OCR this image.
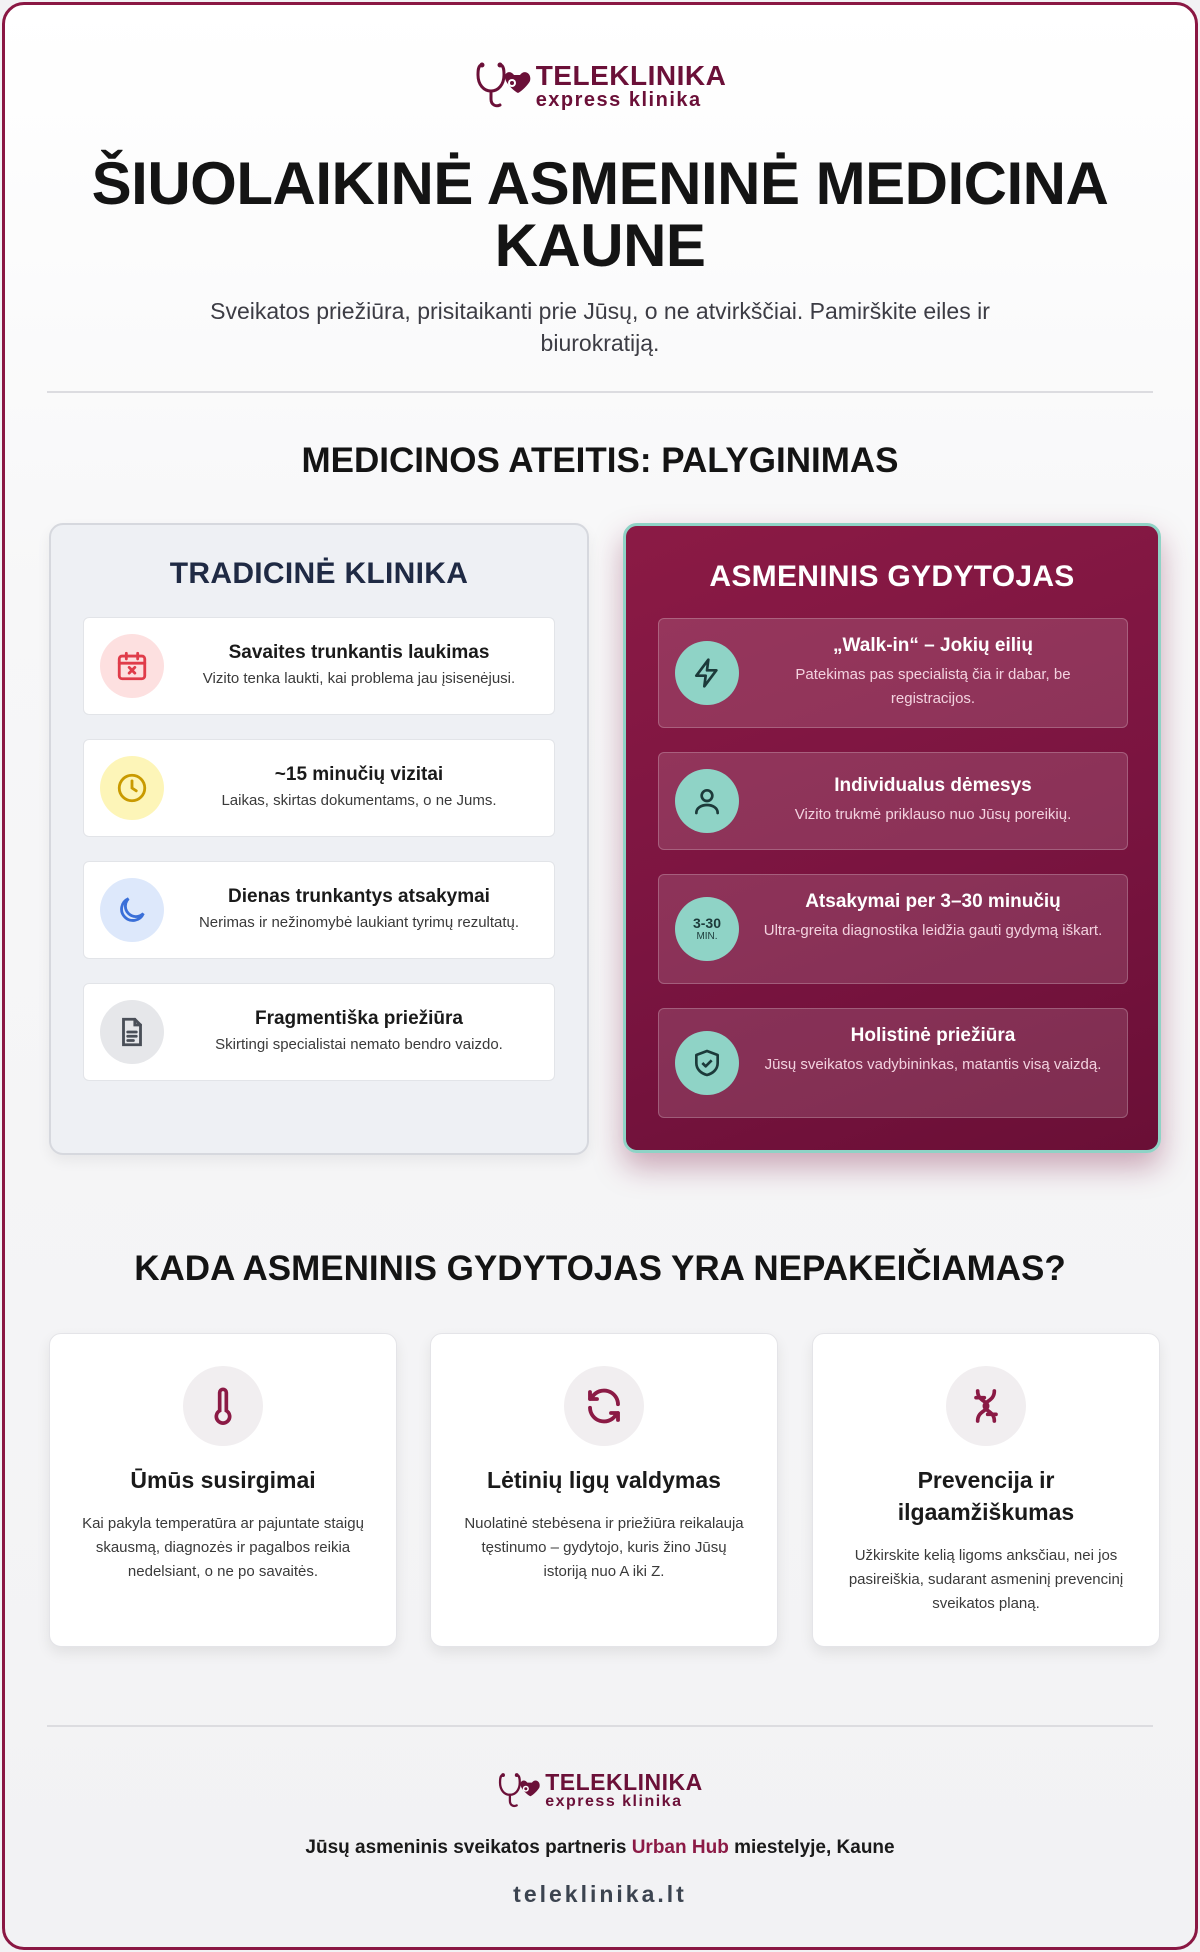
TELEKLINIKA
express klinika
ŠIUOLAIKINĖ ASMENINĖ MEDICINA KAUNE

Sveikatos priežiūra, prisitaikanti prie Jūsų, o ne atvirkščiai. Pamirškite eiles ir biurokratiją.

MEDICINOS ATEITIS: PALYGINIMAS
TRADICINĖ KLINIKA
Savaites trunkantis laukimas
Vizito tenka laukti, kai problema jau įsisenėjusi.
~15 minučių vizitai
Laikas, skirtas dokumentams, o ne Jums.
Dienas trunkantys atsakymai
Nerimas ir nežinomybė laukiant tyrimų rezultatų.
Fragmentiška priežiūra
Skirtingi specialistai nemato bendro vaizdo.
ASMENINIS GYDYTOJAS
„Walk-in“ – Jokių eilių
Patekimas pas specialistą čia ir dabar, be registracijos.
Individualus dėmesys
Vizito trukmė priklauso nuo Jūsų poreikių.
3-30
MIN.
Atsakymai per 3–30 minučių
Ultra-greita diagnostika leidžia gauti gydymą iškart.
Holistinė priežiūra
Jūsų sveikatos vadybininkas, matantis visą vaizdą.
KADA ASMENINIS GYDYTOJAS YRA NEPAKEIČIAMAS?
Ūmūs susirgimai
Kai pakyla temperatūra ar pajuntate staigų skausmą, diagnozės ir pagalbos reikia nedelsiant, o ne po savaitės.
Lėtinių ligų valdymas
Nuolatinė stebėsena ir priežiūra reikalauja tęstinumo – gydytojo, kuris žino Jūsų istoriją nuo A iki Z.
Prevencija ir ilgaamžiškumas
Užkirskite kelią ligoms anksčiau, nei jos pasireiškia, sudarant asmeninį prevencinį sveikatos planą.
TELEKLINIKA
express klinika
Jūsų asmeninis sveikatos partneris Urban Hub miestelyje, Kaune
teleklinika.lt
